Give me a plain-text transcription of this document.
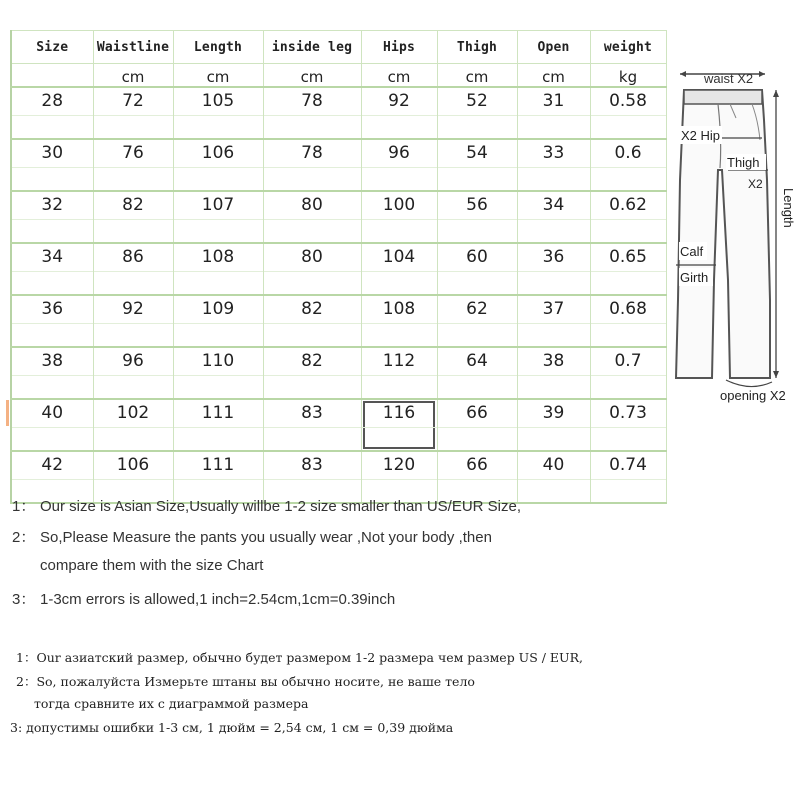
Size	Waistline	Length	inside leg	Hips	Thigh	Open	weight
	cm	cm	cm	cm	cm	cm	kg
28	72	105	78	92	52	31	0.58
30	76	106	78	96	54	33	0.6
32	82	107	80	100	56	34	0.62
34	86	108	80	104	60	36	0.65
36	92	109	82	108	62	37	0.68
38	96	110	82	112	64	38	0.7
40	102	111	83	116	66	39	0.73
42	106	111	83	120	66	40	0.74
waist X2
X2 Hip
Thigh
X2
Length
Calf
Girth
opening X2
1： Our size is Asian Size,Usually willbe 1-2 size smaller than US/EUR Size,
2： So,Please Measure the pants you usually wear ,Not your body ,then
compare them with the size Chart
3： 1-3cm errors is allowed,1 inch=2.54cm,1cm=0.39inch
1：Our азиатский размер, обычно будет размером 1-2 размера чем размер US / EUR,
2：So, пожалуйста Измерьте штаны вы обычно носите, не ваше тело
тогда сравните их с диаграммой размера
3: допустимы ошибки 1-3 см, 1 дюйм = 2,54 см, 1 см = 0,39 дюйма
